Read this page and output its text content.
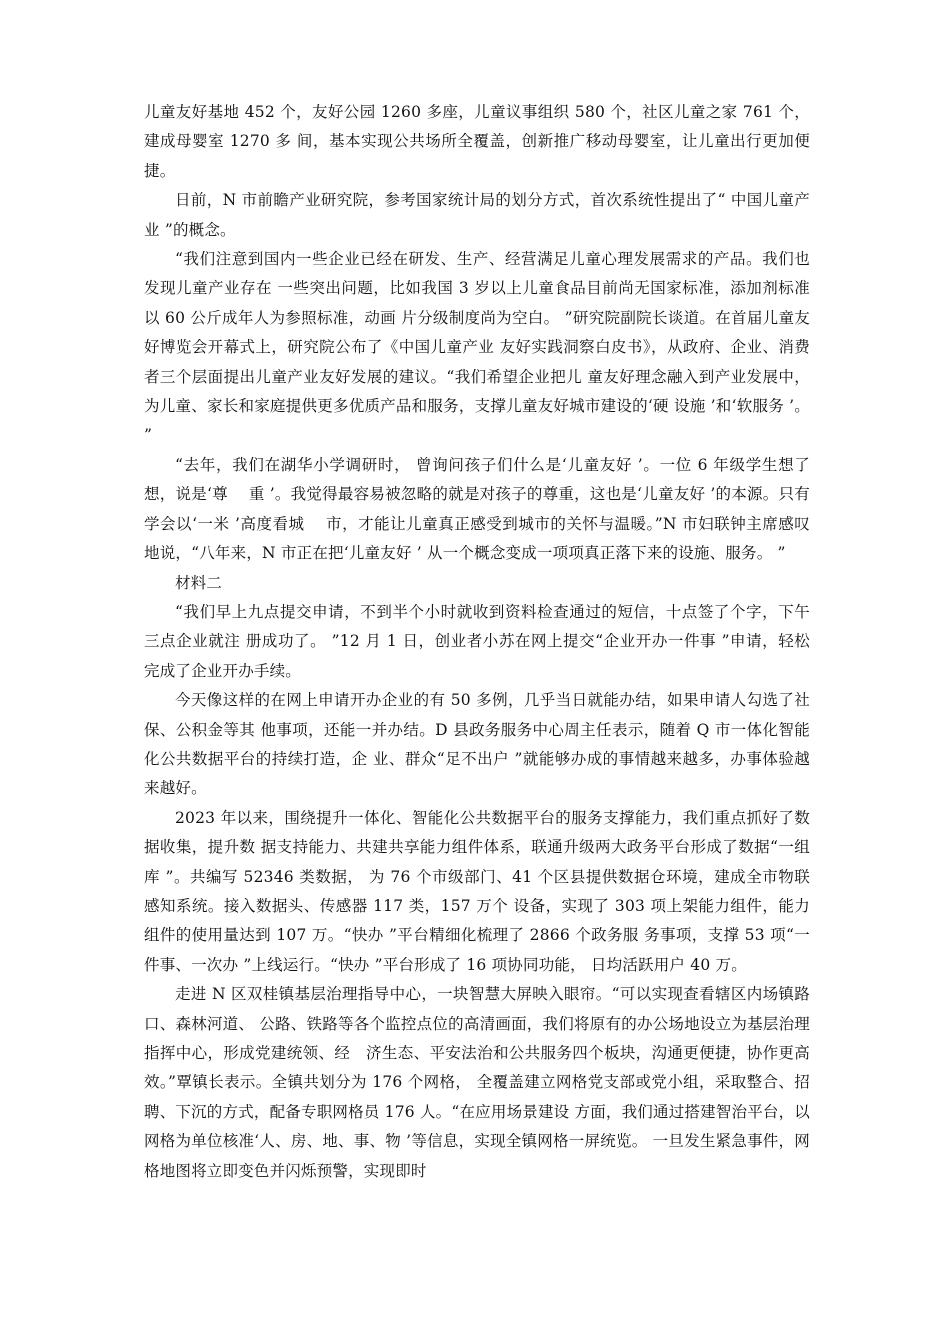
儿童友好基地 452 个，友好公园 1260 多座，儿童议事组织 580 个，社区儿童之家 761 个，建成母婴室 1270 多 间，基本实现公共场所全覆盖，创新推广移动母婴室，让儿童出行更加便捷。

日前，N 市前瞻产业研究院，参考国家统计局的划分方式，首次系统性提出了“ 中国儿童产业 ”的概念。

“我们注意到国内一些企业已经在研发、生产、经营满足儿童心理发展需求的产品。我们也发现儿童产业存在 一些突出问题，比如我国 3 岁以上儿童食品目前尚无国家标准，添加剂标准以 60 公斤成年人为参照标准，动画 片分级制度尚为空白。 ”研究院副院长谈道。在首届儿童友好博览会开幕式上，研究院公布了《中国儿童产业 友好实践洞察白皮书》，从政府、企业、消费者三个层面提出儿童产业友好发展的建议。“我们希望企业把儿 童友好理念融入到产业发展中，为儿童、家长和家庭提供更多优质产品和服务，支撑儿童友好城市建设的‘硬 设施 ’和‘软服务 ’。 ”

“去年，我们在湖华小学调研时， 曾询问孩子们什么是‘儿童友好 ’。一位 6 年级学生想了想，说是‘尊　 重 ’。我觉得最容易被忽略的就是对孩子的尊重，这也是‘儿童友好 ’的本源。只有学会以‘一米 ’高度看城　 市，才能让儿童真正感受到城市的关怀与温暖。”N 市妇联钟主席感叹地说，“八年来，N 市正在把‘儿童友好 ’ 从一个概念变成一项项真正落下来的设施、服务。 ”

材料二

“我们早上九点提交申请，不到半个小时就收到资料检查通过的短信，十点签了个字，下午三点企业就注 册成功了。 ”12 月 1 日，创业者小苏在网上提交“企业开办一件事 ”申请，轻松完成了企业开办手续。

今天像这样的在网上申请开办企业的有 50 多例，几乎当日就能办结，如果申请人勾选了社保、公积金等其 他事项，还能一并办结。D 县政务服务中心周主任表示，随着 Q 市一体化智能化公共数据平台的持续打造，企 业、群众“足不出户 ”就能够办成的事情越来越多，办事体验越来越好。

2023 年以来，围绕提升一体化、智能化公共数据平台的服务支撑能力，我们重点抓好了数据收集，提升数 据支持能力、共建共享能力组件体系，联通升级两大政务平台形成了数据“一组库 ”。共编写 52346 类数据， 为 76 个市级部门、41 个区县提供数据仓环境，建成全市物联感知系统。接入数据头、传感器 117 类，157 万个 设备，实现了 303 项上架能力组件，能力组件的使用量达到 107 万。“快办 ”平台精细化梳理了 2866 个政务服 务事项，支撑 53 项“一件事、一次办 ”上线运行。“快办 ”平台形成了 16 项协同功能， 日均活跃用户 40 万。

走进 N 区双桂镇基层治理指导中心，一块智慧大屏映入眼帘。“可以实现查看辖区内场镇路口、森林河道、 公路、铁路等各个监控点位的高清画面，我们将原有的办公场地设立为基层治理指挥中心，形成党建统领、经　济生态、平安法治和公共服务四个板块，沟通更便捷，协作更高效。”覃镇长表示。全镇共划分为 176 个网格， 全覆盖建立网格党支部或党小组，采取整合、招聘、下沉的方式，配备专职网格员 176 人。“在应用场景建设 方面，我们通过搭建智治平台，以网格为单位核准‘人、房、地、事、物 ’等信息，实现全镇网格一屏统览。 一旦发生紧急事件，网格地图将立即变色并闪烁预警，实现即时
